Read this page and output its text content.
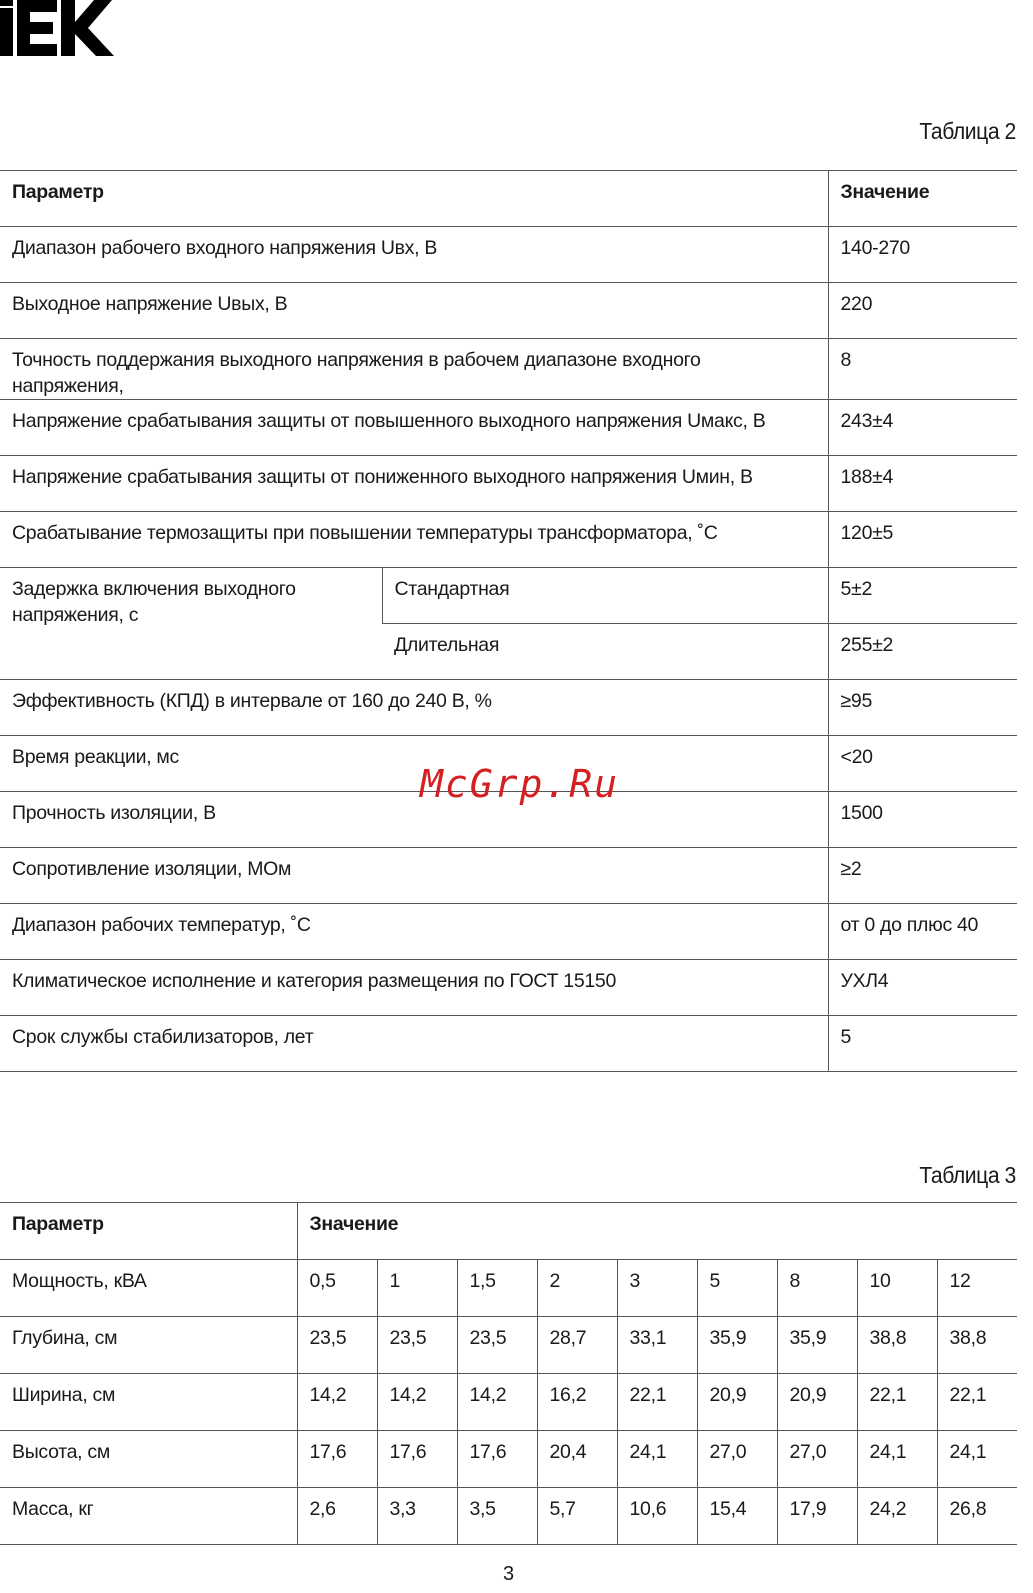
Таблица 2
Параметр		Значение
Диапазон рабочего входного напряжения Uвх, В		140-270
Выходное напряжение Uвых, В		220
Точность поддержания выходного напряжения в рабочем диапазоне входного напряжения,		8
Напряжение срабатывания защиты от повышенного выходного напряжения Uмакс, В		243±4
Напряжение срабатывания защиты от пониженного выходного напряжения Uмин, В		188±4
Срабатывание термозащиты при повышении температуры трансформатора, ˚С		120±5
Задержка включения выходного напряжения, с	Стандартная	5±2
	Длительная	255±2
Эффективность (КПД) в интервале от 160 до 240 В, %		≥95
Время реакции, мс		<20
Прочность изоляции, В		1500
Сопротивление изоляции, МОм		≥2
Диапазон рабочих температур, ˚С		от 0 до плюс 40
Климатическое исполнение и категория размещения по ГОСТ 15150		УХЛ4
Срок службы стабилизаторов, лет		5
Таблица 3
Параметр	Значение								
Мощность, кВА	0,5	1	1,5	2	3	5	8	10	12
Глубина, см	23,5	23,5	23,5	28,7	33,1	35,9	35,9	38,8	38,8
Ширина, см	14,2	14,2	14,2	16,2	22,1	20,9	20,9	22,1	22,1
Высота, см	17,6	17,6	17,6	20,4	24,1	27,0	27,0	24,1	24,1
Масса, кг	2,6	3,3	3,5	5,7	10,6	15,4	17,9	24,2	26,8
McGrp.Ru
3
